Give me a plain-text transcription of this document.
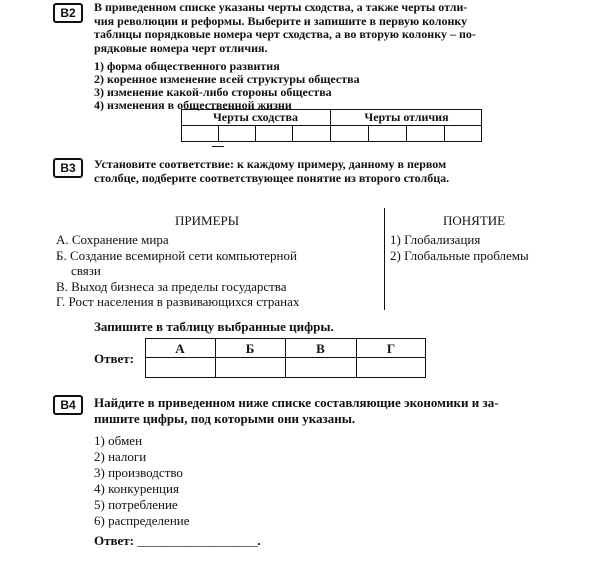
B2	В приведенном списке указаны черты сходства, а также черты отли-
чия революции и реформы. Выберите и запишите в первую колонку
таблицы порядковые номера черт сходства, а во вторую колонку – по-
рядковые номера черт отличия.
1) форма общественного развития
2) коренное изменение всей структуры общества
3) изменение какой-либо стороны общества
4) изменения в общественной жизни
Черты сходства	Черты отличия
B3	Установите соответствие: к каждому примеру, данному в первом
столбце, подберите соответствующее понятие из второго столбца.
ПРИМЕРЫ	ПОНЯТИЕ
А. Сохранение мира
Б. Создание всемирной сети компьютерной
связи
В. Выход бизнеса за пределы государства
Г. Рост населения в развивающихся странах
1) Глобализация
2) Глобальные проблемы
Запишите в таблицу выбранные цифры.
Ответ:
А	Б	В	Г
B4	Найдите в приведенном ниже списке составляющие экономики и за-
пишите цифры, под которыми они указаны.
1) обмен
2) налоги
3) производство
4) конкуренция
5) потребление
6) распределение
Ответ: ____________________.
